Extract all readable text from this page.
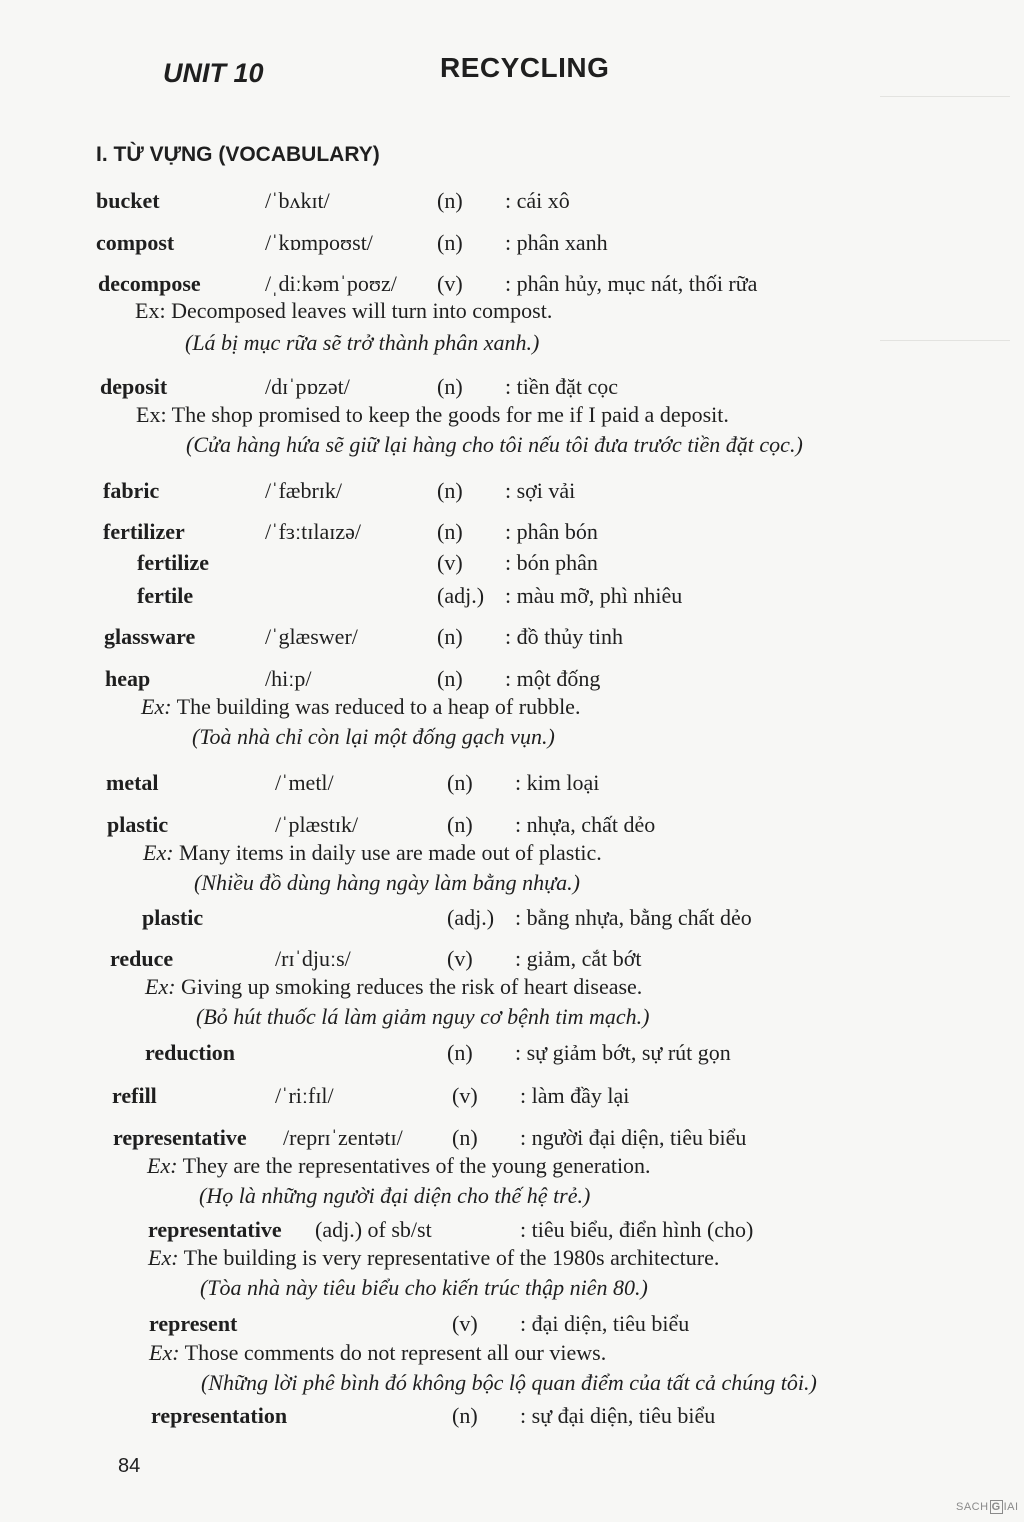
UNIT 10	RECYCLING
I. TỪ VỰNG (VOCABULARY)
bucket	/ˈbʌkɪt/	(n) : cái xô
compost	/ˈkɒmpoʊst/	(n) : phân xanh
decompose	/ˌdiːkəmˈpoʊz/ (v) : phân hủy, mục nát, thối rữa
Ex: Decomposed leaves will turn into compost.
(Lá bị mục rữa sẽ trở thành phân xanh.)
deposit	/dɪˈpɒzət/	(n) : tiền đặt cọc
Ex: The shop promised to keep the goods for me if I paid a deposit.
(Cửa hàng hứa sẽ giữ lại hàng cho tôi nếu tôi đưa trước tiền đặt cọc.)
fabric	/ˈfæbrɪk/	(n) : sợi vải
fertilizer	/ˈfɜːtɪlaɪzə/	(n) : phân bón
fertilize	(v) : bón phân
fertile	(adj.) : màu mỡ, phì nhiêu
glassware	/ˈglæswer/	(n) : đồ thủy tinh
heap	/hiːp/	(n) : một đống
Ex: The building was reduced to a heap of rubble.
(Toà nhà chỉ còn lại một đống gạch vụn.)
metal	/ˈmetl/	(n) : kim loại
plastic	/ˈplæstɪk/	(n) : nhựa, chất dẻo
Ex: Many items in daily use are made out of plastic.
(Nhiều đồ dùng hàng ngày làm bằng nhựa.)
plastic	(adj.) : bằng nhựa, bằng chất dẻo
reduce	/rɪˈdjuːs/	(v) : giảm, cắt bớt
Ex: Giving up smoking reduces the risk of heart disease.
(Bỏ hút thuốc lá làm giảm nguy cơ bệnh tim mạch.)
reduction	(n) : sự giảm bớt, sự rút gọn
refill	/ˈriːfɪl/	(v) : làm đầy lại
representative /reprɪˈzentətɪ/ (n) : người đại diện, tiêu biểu
Ex: They are the representatives of the young generation.
(Họ là những người đại diện cho thế hệ trẻ.)
representative (adj.) of sb/st	: tiêu biểu, điển hình (cho)
Ex: The building is very representative of the 1980s architecture.
(Tòa nhà này tiêu biểu cho kiến trúc thập niên 80.)
represent	(v) : đại diện, tiêu biểu
Ex: Those comments do not represent all our views.
(Những lời phê bình đó không bộc lộ quan điểm của tất cả chúng tôi.)
representation	(n) : sự đại diện, tiêu biểu
84
SACH G IAI
